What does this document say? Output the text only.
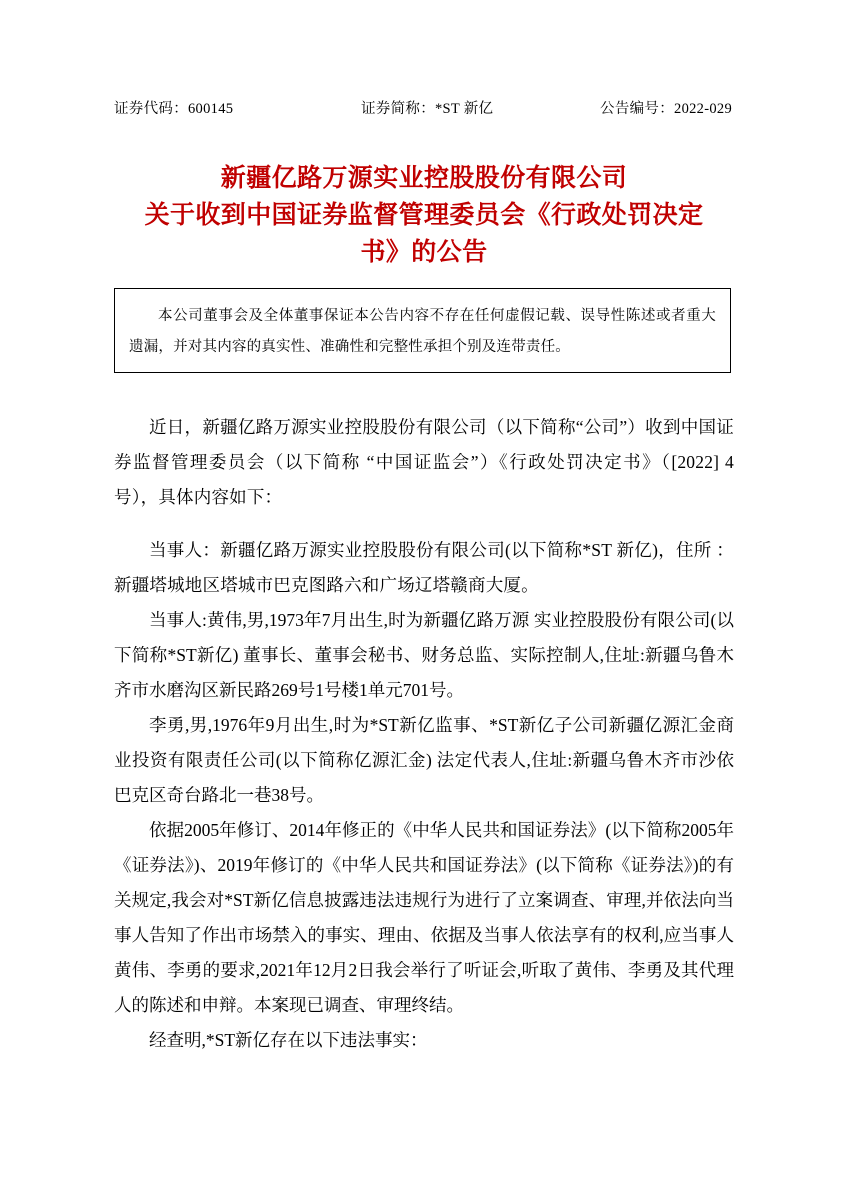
证券代码：600145	证券简称：*ST 新亿	公告编号：2022-029
新疆亿路万源实业控股股份有限公司
关于收到中国证券监督管理委员会《行政处罚决定
书》的公告

本公司董事会及全体董事保证本公告内容不存在任何虚假记载、误导性陈述或者重大遗漏，并对其内容的真实性、准确性和完整性承担个别及连带责任。

近日，新疆亿路万源实业控股股份有限公司（以下简称“公司”）收到中国证券监督管理委员会（以下简称 “中国证监会”）《行政处罚决定书》（[2022] 4号），具体内容如下：

当事人：新疆亿路万源实业控股股份有限公司(以下简称*ST 新亿)，住所 ：新疆塔城地区塔城市巴克图路六和广场辽塔赣商大厦。

当事人:黄伟,男,1973年7月出生,时为新疆亿路万源 实业控股股份有限公司(以下简称*ST新亿) 董事长、董事会秘书、财务总监、实际控制人,住址:新疆乌鲁木齐市水磨沟区新民路269号1号楼1单元701号。

李勇,男,1976年9月出生,时为*ST新亿监事、*ST新亿子公司新疆亿源汇金商业投资有限责任公司(以下简称亿源汇金) 法定代表人,住址:新疆乌鲁木齐市沙依巴克区奇台路北一巷38号。

依据2005年修订、2014年修正的《中华人民共和国证券法》(以下简称2005年《证券法》)、2019年修订的《中华人民共和国证券法》(以下简称《证券法》)的有关规定,我会对*ST新亿信息披露违法违规行为进行了立案调查、审理,并依法向当事人告知了作出市场禁入的事实、理由、依据及当事人依法享有的权利,应当事人黄伟、李勇的要求,2021年12月2日我会举行了听证会,听取了黄伟、李勇及其代理人的陈述和申辩。本案现已调查、审理终结。

经查明,*ST新亿存在以下违法事实：
